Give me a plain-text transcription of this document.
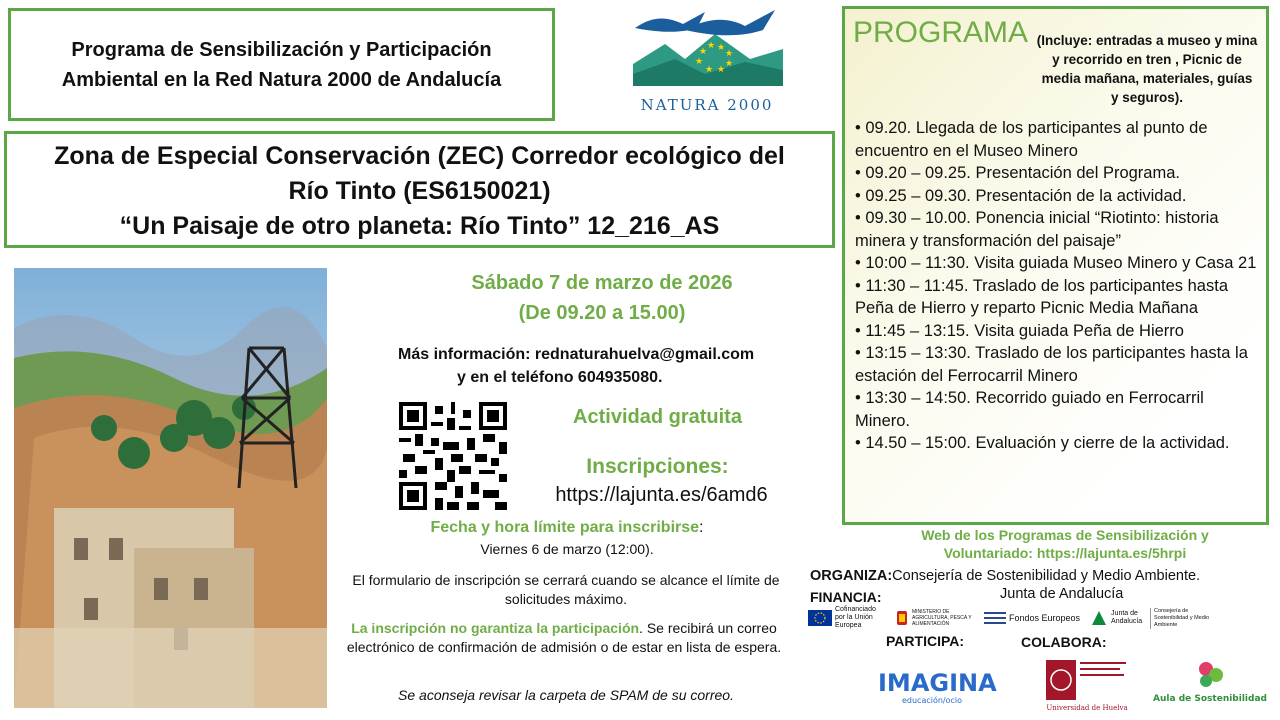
Programa de Sensibilización y Participación
Ambiental en la Red Natura 2000 de Andalucía
★ ★
★
★
★ ★
★ ★
NATURA 2000
Zona de Especial Conservación (ZEC) Corredor ecológico del
Río Tinto (ES6150021)
“Un Paisaje de otro planeta: Río Tinto” 12_216_AS
PROGRAMA (Incluye: entradas a museo y mina y recorrido en tren , Picnic de media mañana, materiales, guías y seguros).
• 09.20. Llegada de los participantes al punto de encuentro en el Museo Minero
• 09.20 – 09.25. Presentación del Programa.
• 09.25 – 09.30. Presentación de la actividad.
• 09.30 – 10.00. Ponencia inicial “Riotinto: historia minera y transformación del paisaje”
• 10:00 – 11:30. Visita guiada Museo Minero y Casa 21
• 11:30 – 11:45. Traslado de los participantes hasta Peña de Hierro y reparto Picnic Media Mañana
• 11:45 – 13:15. Visita guiada Peña de Hierro
• 13:15 – 13:30. Traslado de los participantes hasta la estación del Ferrocarril Minero
• 13:30 – 14:50. Recorrido guiado en Ferrocarril Minero.
• 14.50 – 15:00. Evaluación y cierre de la actividad.
Sábado 7 de marzo de 2026
(De 09.20 a 15.00)
Más información: rednaturahuelva@gmail.com
y en el teléfono 604935080.
Actividad gratuita
Inscripciones:
https://lajunta.es/6amd6
Fecha y hora límite para inscribirse:
Viernes 6 de marzo (12:00).
El formulario de inscripción se cerrará cuando se alcance el límite de solicitudes máximo.
La inscripción no garantiza la participación. Se recibirá un correo electrónico de confirmación de admisión o de estar en lista de espera.
Se aconseja revisar la carpeta de SPAM de su correo.
Web de los Programas de Sensibilización y
Voluntariado: https://lajunta.es/5hrpi
ORGANIZA:Consejería de Sostenibilidad y Medio Ambiente.
Junta de Andalucía
FINANCIA:
Cofinanciado por la Unión Europea
MINISTERIO DE AGRICULTURA, PESCA Y ALIMENTACIÓN
Fondos Europeos	Junta de Andalucía
Consejería de Sostenibilidad y Medio Ambiente
PARTICIPA:	COLABORA:
IMAGINA
educación/ocio
Universidad de Huelva
Aula de Sostenibilidad
